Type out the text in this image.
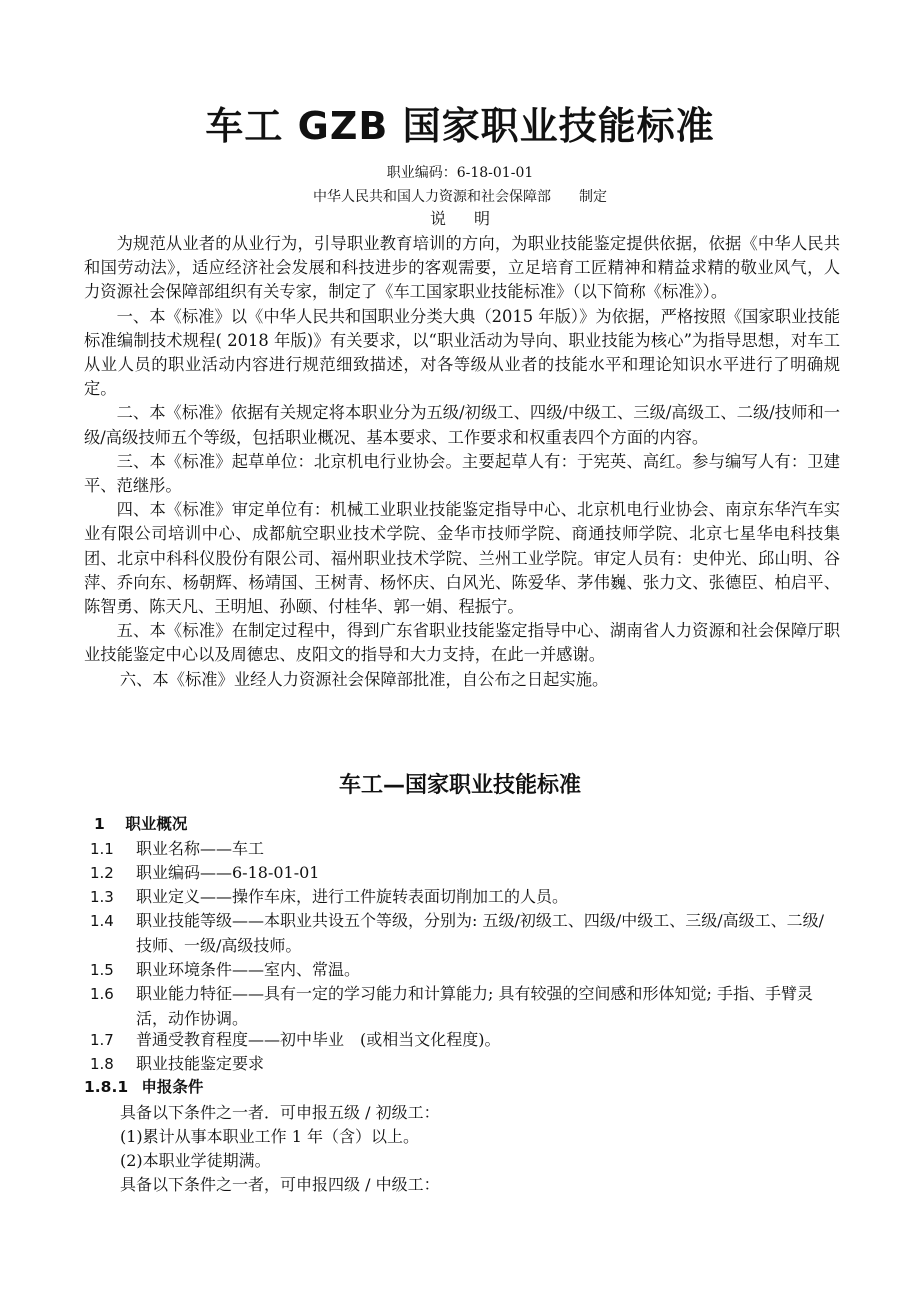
车工 GZB 国家职业技能标准
职业编码：6-18-01-01
中华人民共和国人力资源和社会保障部　　制定
说明

为规范从业者的从业行为，引导职业教育培训的方向，为职业技能鉴定提供依据，依据《中华人民共和国劳动法》，适应经济社会发展和科技进步的客观需要，立足培育工匠精神和精益求精的敬业风气，人力资源社会保障部组织有关专家，制定了《车工国家职业技能标准》（以下简称《标准》）。

一、本《标准》以《中华人民共和国职业分类大典（2015 年版）》为依据，严格按照《国家职业技能标准编制技术规程( 2018 年版)》有关要求，以“职业活动为导向、职业技能为核心”为指导思想，对车工从业人员的职业活动内容进行规范细致描述，对各等级从业者的技能水平和理论知识水平进行了明确规定。

二、本《标准》依据有关规定将本职业分为五级/初级工、四级/中级工、三级/高级工、二级/技师和一级/高级技师五个等级，包括职业概况、基本要求、工作要求和权重表四个方面的内容。

三、本《标准》起草单位：北京机电行业协会。主要起草人有：于宪英、高红。参与编写人有：卫建平、范继彤。

四、本《标准》审定单位有：机械工业职业技能鉴定指导中心、北京机电行业协会、南京东华汽车实业有限公司培训中心、成都航空职业技术学院、金华市技师学院、商通技师学院、北京七星华电科技集团、北京中科科仪股份有限公司、福州职业技术学院、兰州工业学院。审定人员有：史仲光、邱山明、谷萍、乔向东、杨朝辉、杨靖国、王树青、杨怀庆、白风光、陈爱华、茅伟巍、张力文、张德臣、柏启平、陈智勇、陈天凡、王明旭、孙颐、付桂华、郭一娟、程振宁。

五、本《标准》在制定过程中，得到广东省职业技能鉴定指导中心、湖南省人力资源和社会保障厅职业技能鉴定中心以及周德忠、皮阳文的指导和大力支持，在此一并感谢。

六、本《标准》业经人力资源社会保障部批准，自公布之日起实施。

车工—国家职业技能标准
1 职业概况
1.1	职业名称——车工
1.2	职业编码——6-18-01-01
1.3	职业定义——操作车床，进行工件旋转表面切削加工的人员。
1.4	职业技能等级——本职业共设五个等级，分别为: 五级/初级工、四级/中级工、三级/高级工、二级/技师、一级/高级技师。
1.5	职业环境条件——室内、常温。
1.6	职业能力特征——具有一定的学习能力和计算能力; 具有较强的空间感和形体知觉; 手指、手臂灵活，动作协调。
1.7	普通受教育程度——初中毕业　(或相当文化程度)。
1.8	职业技能鉴定要求
1.8.1 申报条件
具备以下条件之一者．可申报五级 / 初级工：
(1)累计从事本职业工作 1 年（含）以上。
(2)本职业学徒期满。
具备以下条件之一者，可申报四级 / 中级工：
